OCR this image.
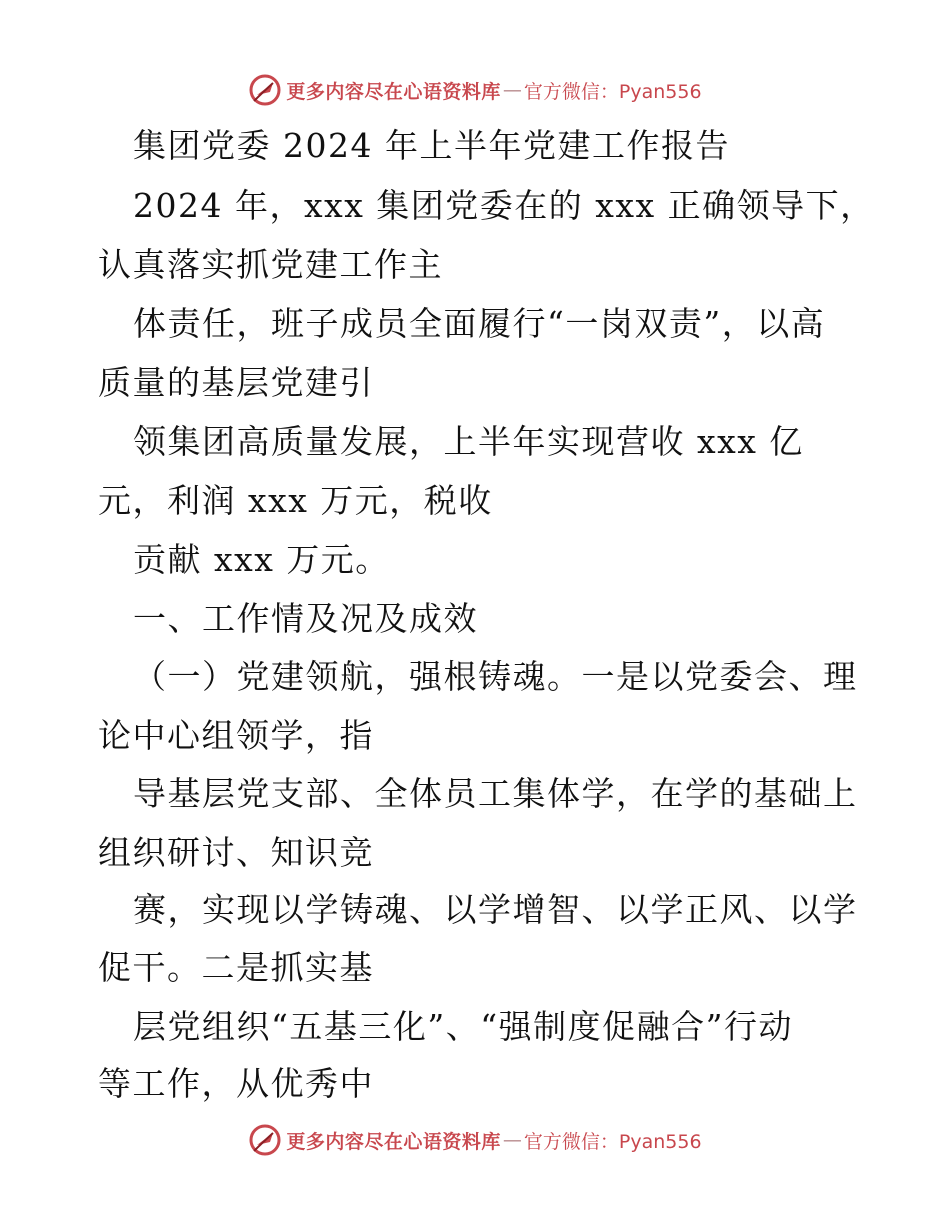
更多内容尽在心语资料库 — 官方微信：Pyan556
集团党委 2024 年上半年党建工作报告
2024 年，xxx 集团党委在的 xxx 正确领导下，
认真落实抓党建工作主
体责任，班子成员全面履行“一岗双责”，以高
质量的基层党建引
领集团高质量发展，上半年实现营收 xxx 亿
元，利润 xxx 万元，税收
贡献 xxx 万元。
一、工作情及况及成效
（一）党建领航，强根铸魂。一是以党委会、理
论中心组领学，指
导基层党支部、全体员工集体学，在学的基础上
组织研讨、知识竞
赛，实现以学铸魂、以学增智、以学正风、以学
促干。二是抓实基
层党组织“五基三化”、“强制度促融合”行动
等工作，从优秀中
更多内容尽在心语资料库 — 官方微信：Pyan556
